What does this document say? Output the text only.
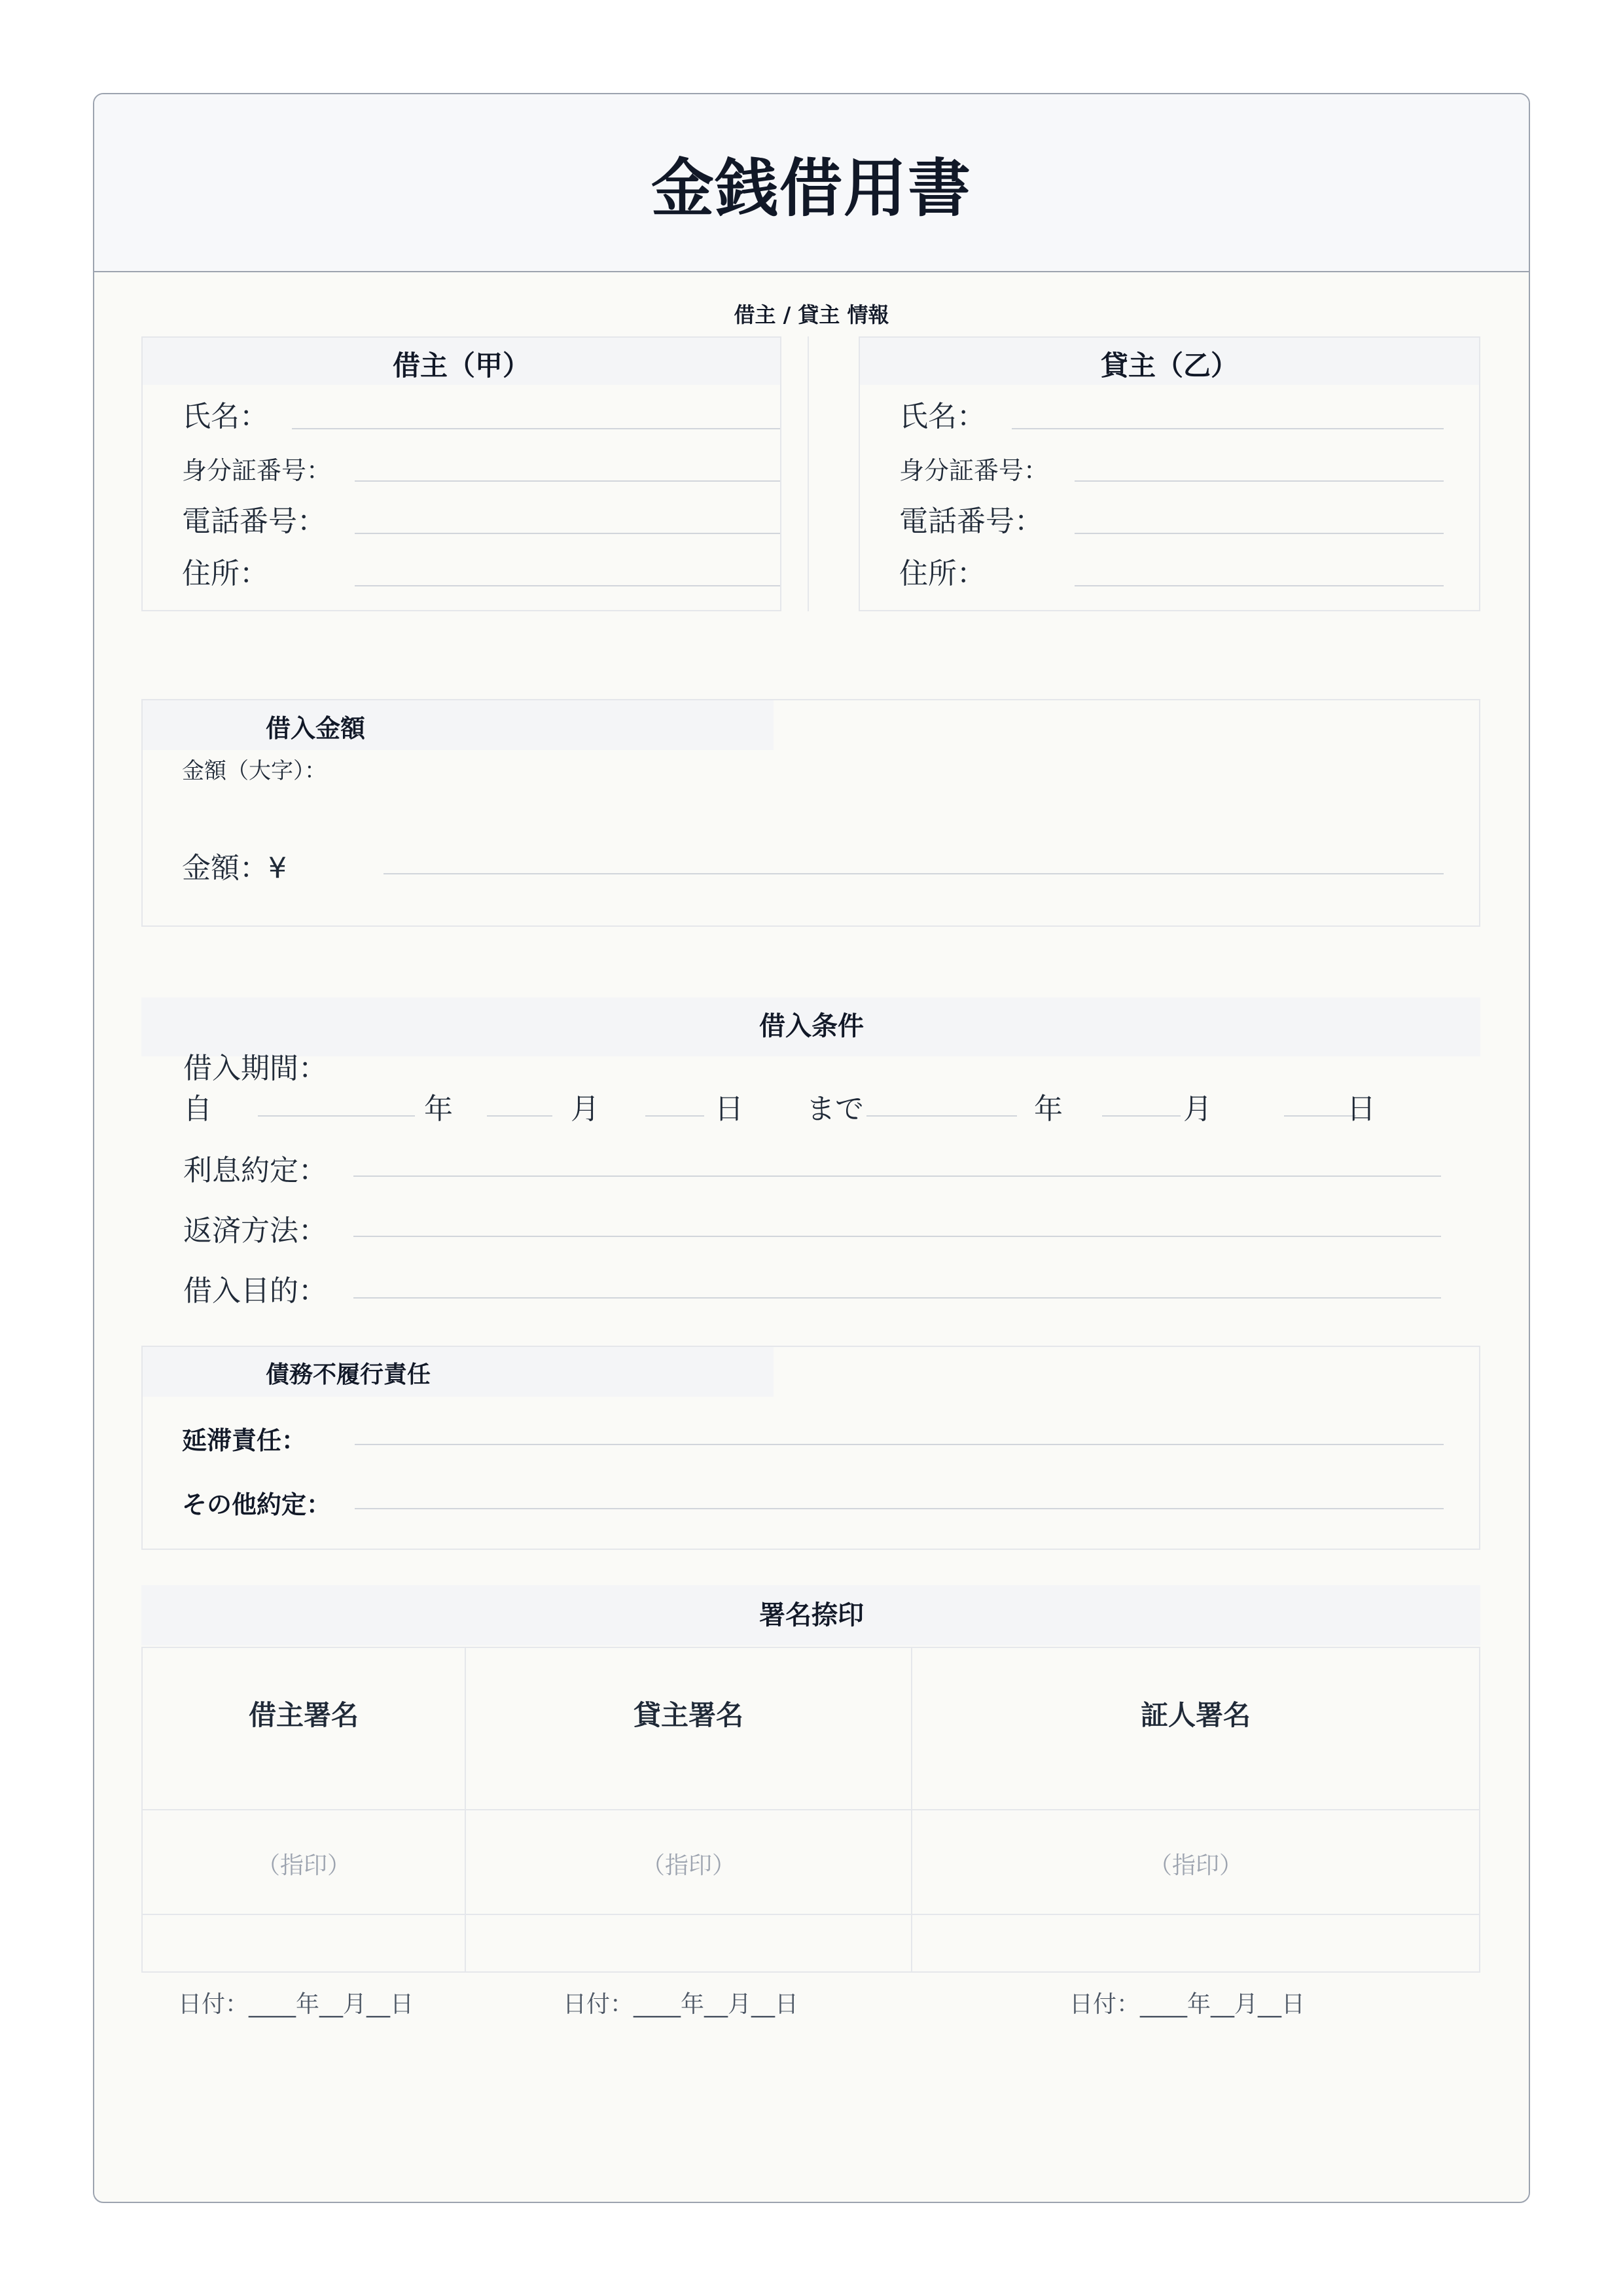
金銭借用書
借主 / 貸主 情報
借主（甲）
氏名：
身分証番号：
電話番号：
住所：
貸主（乙）
氏名：
身分証番号：
電話番号：
住所：
借入金額
金額（大字）：
金額：¥
借入条件
借入期間：
自	年	月	日 まで	年	月	日
利息約定：
返済方法：
借入目的：
債務不履行責任
延滞責任：
その他約定：
署名捺印
借主署名	貸主署名	証人署名
（指印）	（指印）	（指印）
日付：____年__月__日	日付：____年__月__日	日付：____年__月__日
